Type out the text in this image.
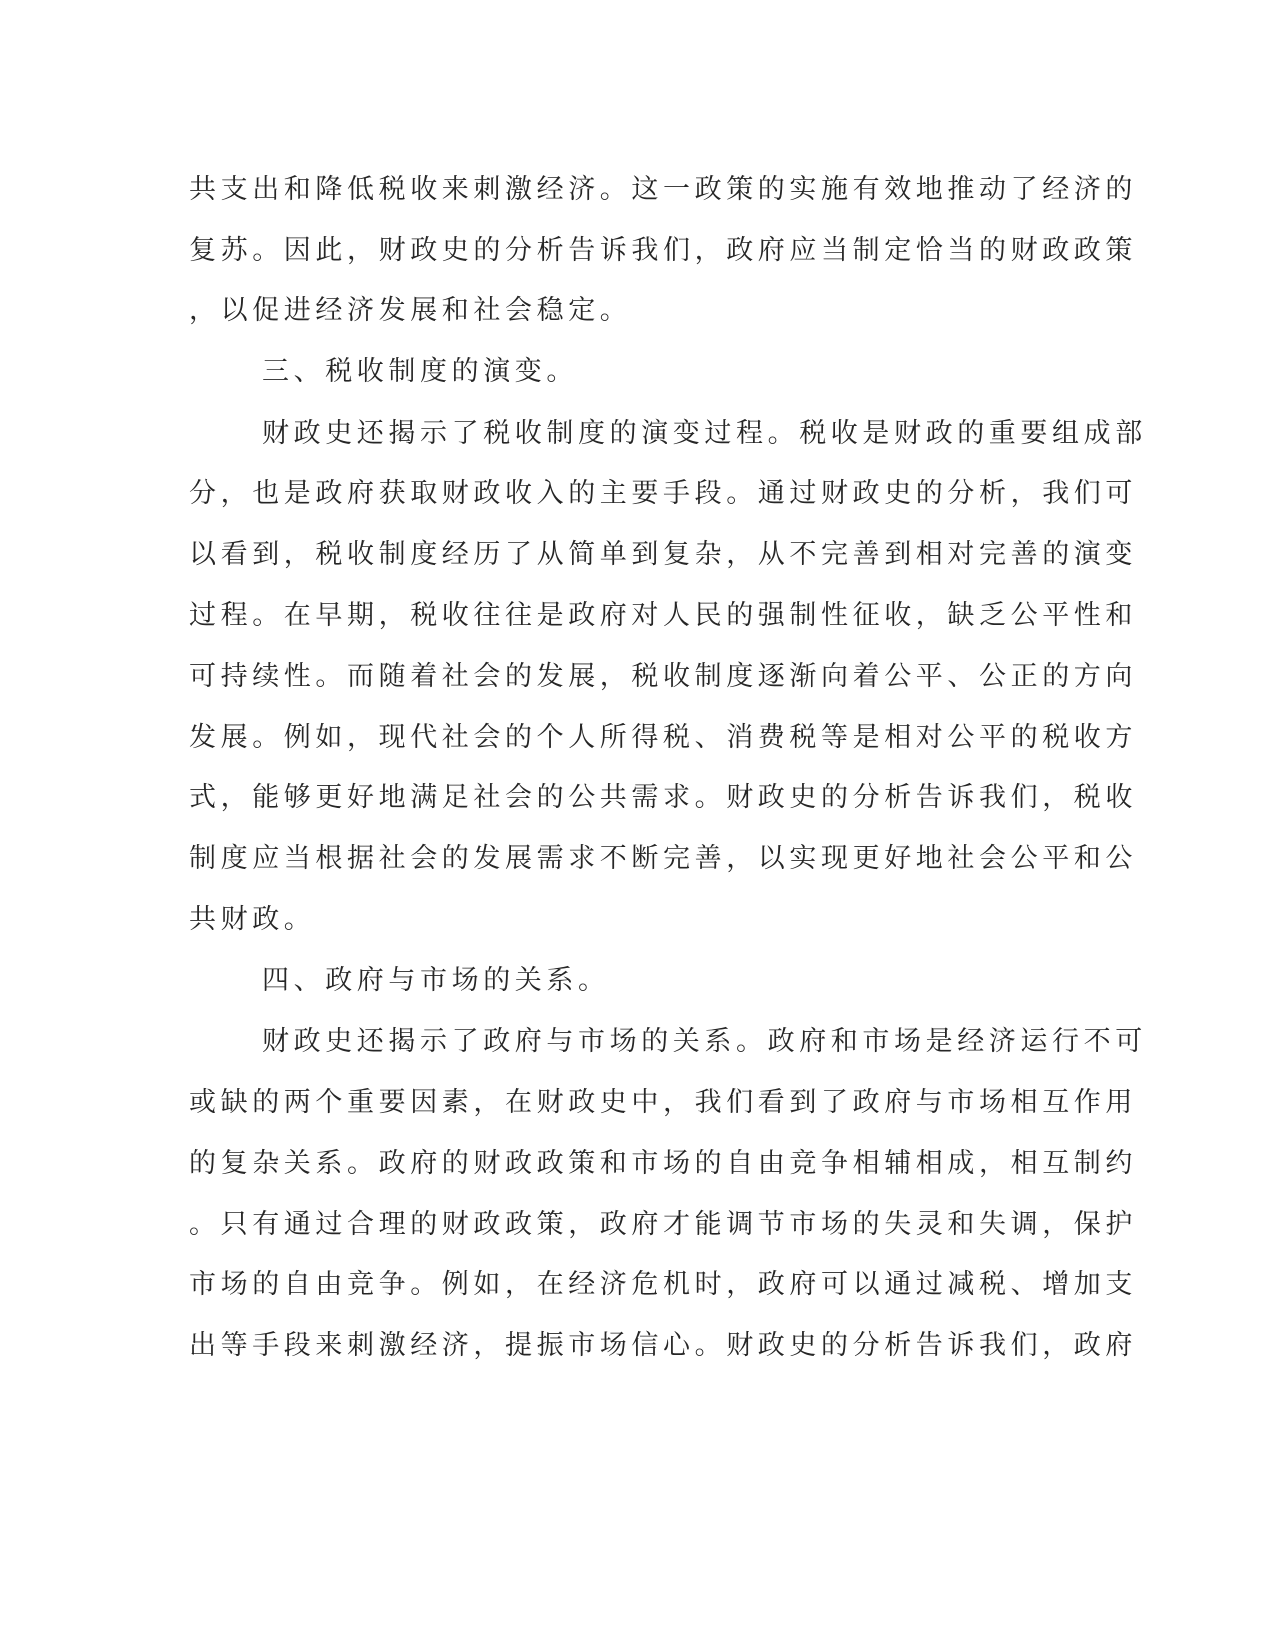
共支出和降低税收来刺激经济。这一政策的实施有效地推动了经济的
复苏。因此，财政史的分析告诉我们，政府应当制定恰当的财政政策
，以促进经济发展和社会稳定。
三、税收制度的演变。
财政史还揭示了税收制度的演变过程。税收是财政的重要组成部
分，也是政府获取财政收入的主要手段。通过财政史的分析，我们可
以看到，税收制度经历了从简单到复杂，从不完善到相对完善的演变
过程。在早期，税收往往是政府对人民的强制性征收，缺乏公平性和
可持续性。而随着社会的发展，税收制度逐渐向着公平、公正的方向
发展。例如，现代社会的个人所得税、消费税等是相对公平的税收方
式，能够更好地满足社会的公共需求。财政史的分析告诉我们，税收
制度应当根据社会的发展需求不断完善，以实现更好地社会公平和公
共财政。
四、政府与市场的关系。
财政史还揭示了政府与市场的关系。政府和市场是经济运行不可
或缺的两个重要因素，在财政史中，我们看到了政府与市场相互作用
的复杂关系。政府的财政政策和市场的自由竞争相辅相成，相互制约
。只有通过合理的财政政策，政府才能调节市场的失灵和失调，保护
市场的自由竞争。例如，在经济危机时，政府可以通过减税、增加支
出等手段来刺激经济，提振市场信心。财政史的分析告诉我们，政府
